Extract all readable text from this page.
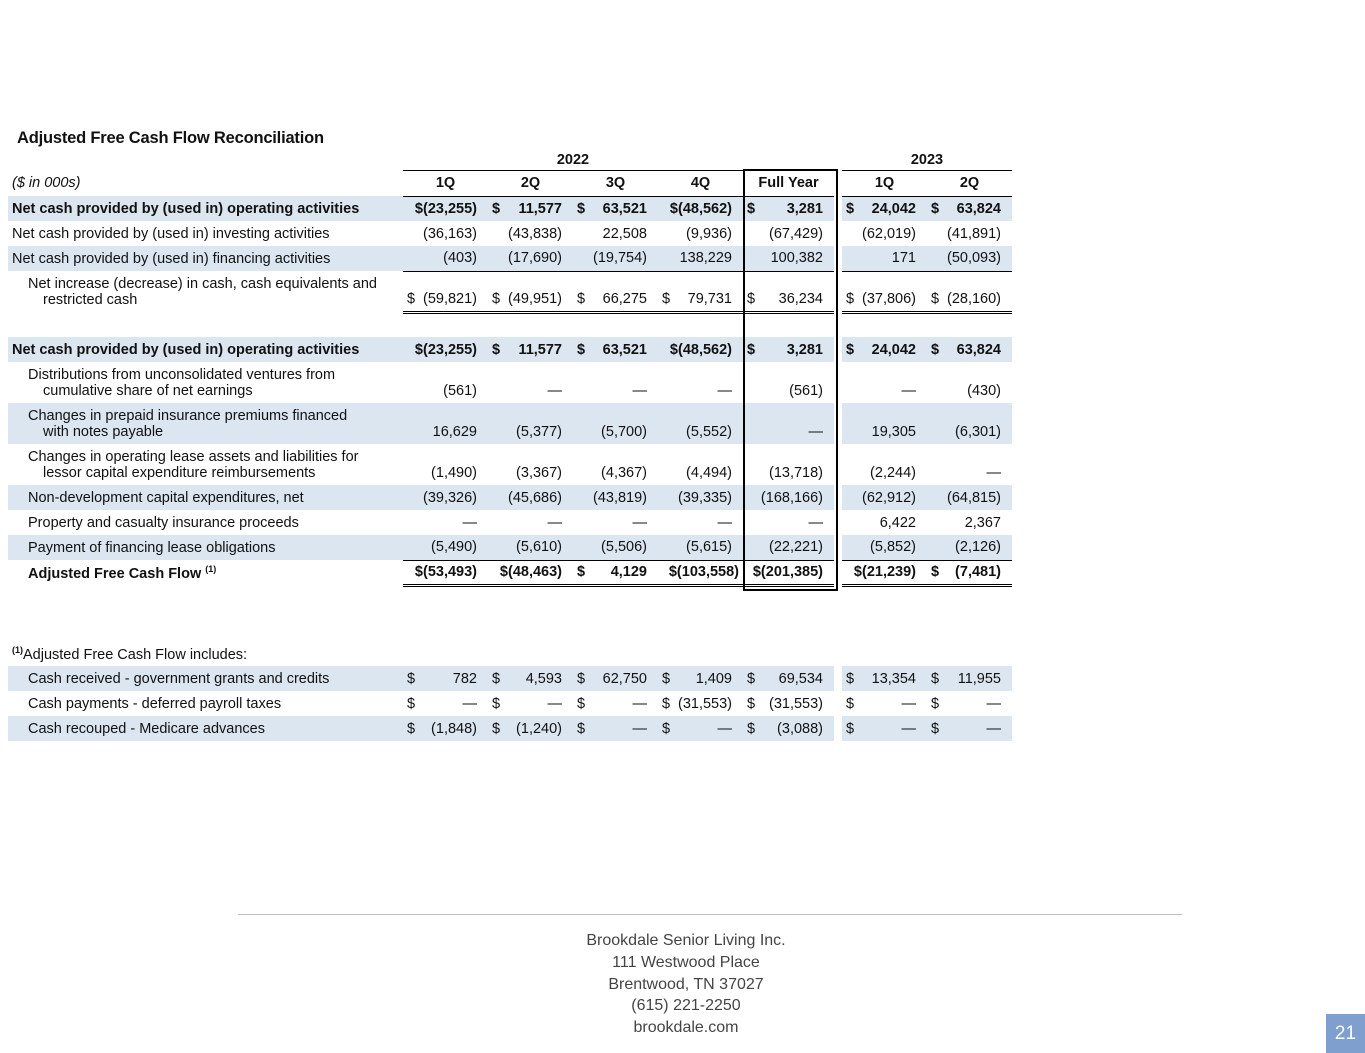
Adjusted Free Cash Flow Reconciliation
	2022						2023	
($ in 000s)	1Q	2Q	3Q	4Q	Full Year		1Q	2Q
Net cash provided by (used in) operating activities	$(23,255)	$ 11,577	$ 63,521	$(48,562)	$ 3,281		$ 24,042	$ 63,824
Net cash provided by (used in) investing activities	(36,163)	(43,838)	22,508	(9,936)	(67,429)		(62,019)	(41,891)
Net cash provided by (used in) financing activities	(403)	(17,690)	(19,754)	138,229	100,382		171	(50,093)
Net increase (decrease) in cash, cash equivalents and
restricted cash	$ (59,821)	$ (49,951)	$ 66,275	$ 79,731	$ 36,234		$ (37,806)	$ (28,160)

Net cash provided by (used in) operating activities	$(23,255)	$ 11,577	$ 63,521	$(48,562)	$ 3,281		$ 24,042	$ 63,824
Distributions from unconsolidated ventures from
cumulative share of net earnings	(561)	—	—	—	(561)		—	(430)
Changes in prepaid insurance premiums financed
with notes payable	16,629	(5,377)	(5,700)	(5,552)	—		19,305	(6,301)
Changes in operating lease assets and liabilities for
lessor capital expenditure reimbursements	(1,490)	(3,367)	(4,367)	(4,494)	(13,718)		(2,244)	—
Non-development capital expenditures, net	(39,326)	(45,686)	(43,819)	(39,335)	(168,166)		(62,912)	(64,815)
Property and casualty insurance proceeds	—	—	—	—	—		6,422	2,367
Payment of financing lease obligations	(5,490)	(5,610)	(5,506)	(5,615)	(22,221)		(5,852)	(2,126)
Adjusted Free Cash Flow $^{(1)}$	$(53,493)	$(48,463)	$ 4,129	$(103,558)	$(201,385)		$(21,239)	$ (7,481)
$^{(1)}$Adjusted Free Cash Flow includes:								
Cash received - government grants and credits	$ 782	$ 4,593	$ 62,750	$ 1,409	$ 69,534		$ 13,354	$ 11,955
Cash payments - deferred payroll taxes	$ —	$ —	$ —	$ (31,553)	$ (31,553)		$ —	$ —
Cash recouped - Medicare advances	$ (1,848)	$ (1,240)	$ —	$ —	$ (3,088)		$ —	$ —
Brookdale Senior Living Inc.
111 Westwood Place
Brentwood, TN 37027
(615) 221-2250
brookdale.com	21
